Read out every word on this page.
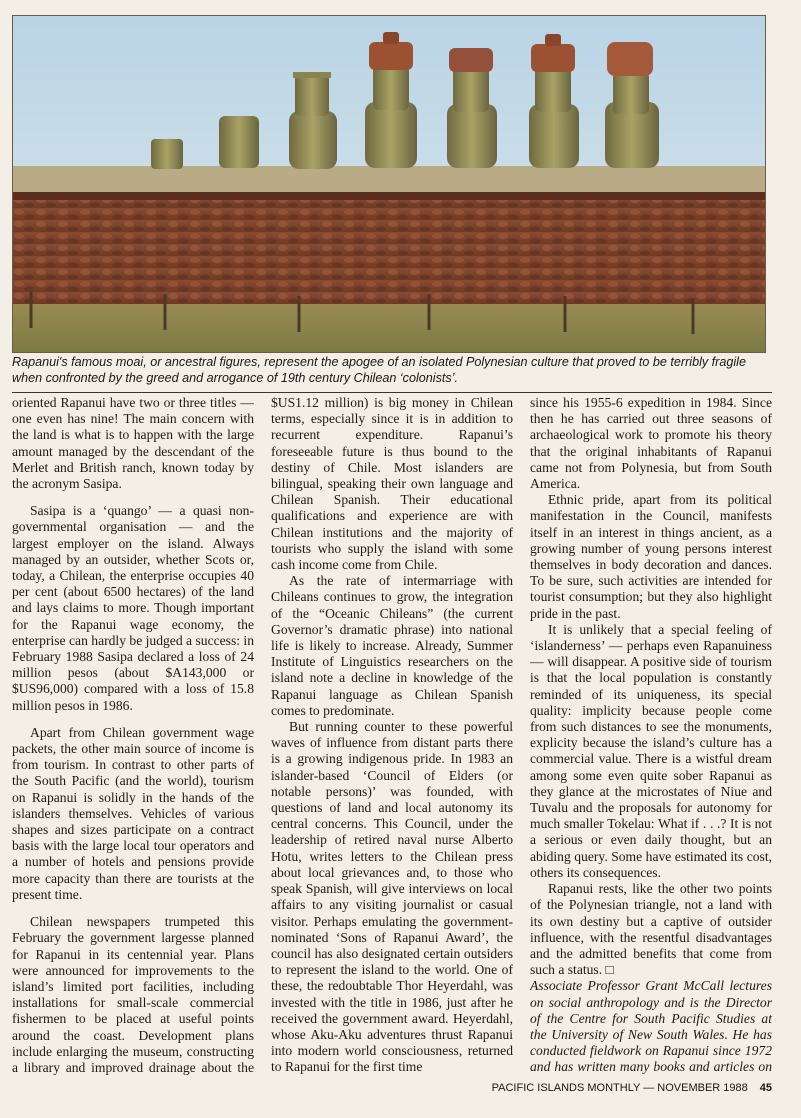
Rapanui's famous moai, or ancestral figures, represent the apogee of an isolated Polynesian culture that proved to be terribly fragile when confronted by the greed and arrogance of 19th century Chilean ‘colonists’.

oriented Rapanui have two or three titles — one even has nine! The main concern with the land is what is to happen with the large amount managed by the descendant of the Merlet and British ranch, known today by the acronym Sasipa.

Sasipa is a ‘quango’ — a quasi non-governmental organisation — and the largest employer on the island. Always managed by an outsider, whether Scots or, today, a Chilean, the enterprise occupies 40 per cent (about 6500 hectares) of the land and lays claims to more. Though important for the Rapanui wage economy, the enterprise can hardly be judged a success: in February 1988 Sasipa declared a loss of 24 million pesos (about $A143,000 or $US96,000) compared with a loss of 15.8 million pesos in 1986.

Apart from Chilean government wage packets, the other main source of income is from tourism. In contrast to other parts of the South Pacific (and the world), tourism on Rapanui is solidly in the hands of the islanders themselves. Vehicles of various shapes and sizes participate on a contract basis with the large local tour operators and a number of hotels and pensions provide more capacity than there are tourists at the present time.

Chilean newspapers trumpeted this February the government largesse planned for Rapanui in its centennial year. Plans were announced for improvements to the island’s limited port facilities, including installations for small-scale commercial fishermen to be placed at useful points around the coast. Development plans include enlarging the museum, constructing a library and improved drainage about the

$US1.12 million) is big money in Chilean terms, especially since it is in addition to recurrent expenditure. Rapanui’s foreseeable future is thus bound to the destiny of Chile. Most islanders are bilingual, speaking their own language and Chilean Spanish. Their educational qualifications and experience are with Chilean institutions and the majority of tourists who supply the island with some cash income come from Chile.

As the rate of intermarriage with Chileans continues to grow, the integration of the “Oceanic Chileans” (the current Governor’s dramatic phrase) into national life is likely to increase. Already, Summer Institute of Linguistics researchers on the island note a decline in knowledge of the Rapanui language as Chilean Spanish comes to predominate.

But running counter to these powerful waves of influence from distant parts there is a growing indigenous pride. In 1983 an islander-based ‘Council of Elders (or notable persons)’ was founded, with questions of land and local autonomy its central concerns. This Council, under the leadership of retired naval nurse Alberto Hotu, writes letters to the Chilean press about local grievances and, to those who speak Spanish, will give interviews on local affairs to any visiting journalist or casual visitor. Perhaps emulating the government-nominated ‘Sons of Rapanui Award’, the council has also designated certain outsiders to represent the island to the world. One of these, the redoubtable Thor Heyerdahl, was invested with the title in 1986, just after he received the government award. Heyerdahl, whose Aku-Aku adventures thrust Rapanui into modern world consciousness, returned to Rapanui for the first time

since his 1955-6 expedition in 1984. Since then he has carried out three seasons of archaeological work to promote his theory that the original inhabitants of Rapanui came not from Polynesia, but from South America.

Ethnic pride, apart from its political manifestation in the Council, manifests itself in an interest in things ancient, as a growing number of young persons interest themselves in body decoration and dances. To be sure, such activities are intended for tourist consumption; but they also highlight pride in the past.

It is unlikely that a special feeling of ‘islanderness’ — perhaps even Rapanuiness — will disappear. A positive side of tourism is that the local population is constantly reminded of its uniqueness, its special quality: implicity because people come from such distances to see the monuments, explicity because the island’s culture has a commercial value. There is a wistful dream among some even quite sober Rapanui as they glance at the microstates of Niue and Tuvalu and the proposals for autonomy for much smaller Tokelau: What if . . .? It is not a serious or even daily thought, but an abiding query. Some have estimated its cost, others its consequences.

Rapanui rests, like the other two points of the Polynesian triangle, not a land with its own destiny but a captive of outsider influence, with the resentful disadvantages and the admitted benefits that come from such a status. □

Associate Professor Grant McCall lectures on social anthropology and is the Director of the Centre for South Pacific Studies at the University of New South Wales. He has conducted fieldwork on Rapanui since 1972 and has written many books and articles on

PACIFIC ISLANDS MONTHLY — NOVEMBER 1988 45
